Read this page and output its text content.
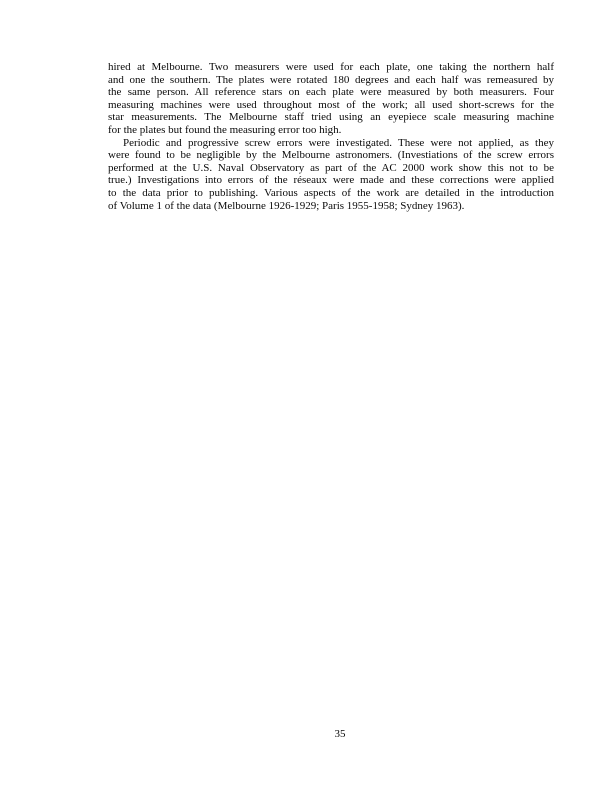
hired at Melbourne. Two measurers were used for each plate, one taking the northern half
and one the southern. The plates were rotated 180 degrees and each half was remeasured by
the same person. All reference stars on each plate were measured by both measurers. Four
measuring machines were used throughout most of the work; all used short-screws for the
star measurements. The Melbourne staff tried using an eyepiece scale measuring machine
for the plates but found the measuring error too high.
Periodic and progressive screw errors were investigated. These were not applied, as they
were found to be negligible by the Melbourne astronomers. (Investiations of the screw errors
performed at the U.S. Naval Observatory as part of the AC 2000 work show this not to be
true.) Investigations into errors of the réseaux were made and these corrections were applied
to the data prior to publishing. Various aspects of the work are detailed in the introduction
of Volume 1 of the data (Melbourne 1926-1929; Paris 1955-1958; Sydney 1963).
35
